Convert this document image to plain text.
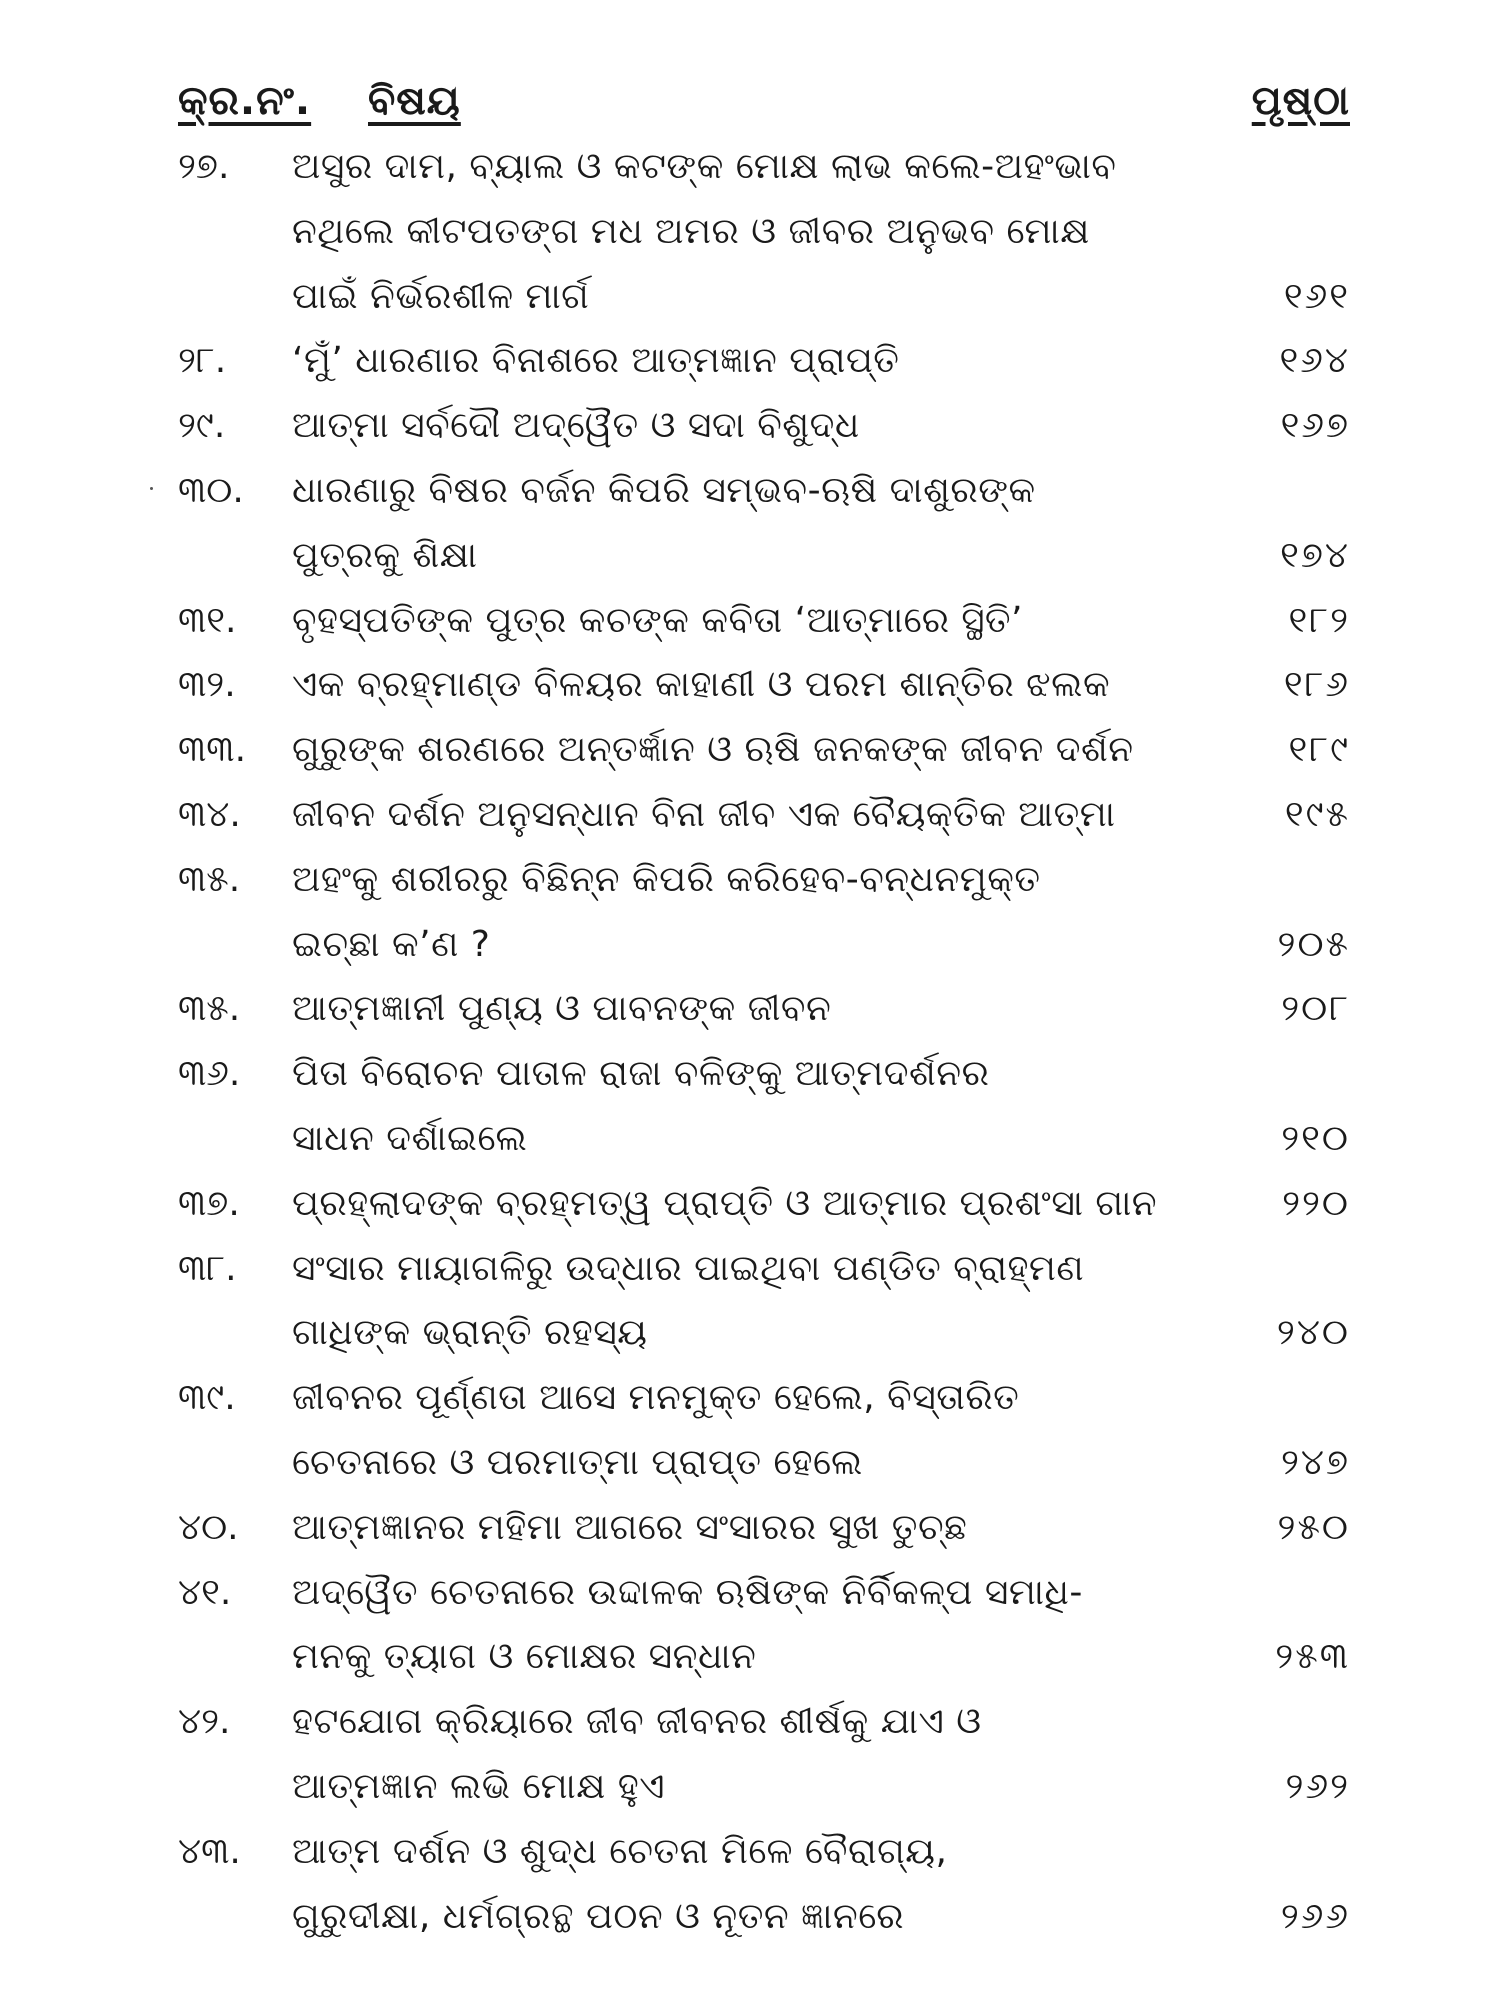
କ୍ର.ନଂ. ବିଷୟ	ପୃଷ୍ଠା
୨୭. ଅସୁର ଦାମ, ବ୍ୟାଲ ଓ କଟଙ୍କ ମୋକ୍ଷ ଲାଭ କଲେ-ଅହଂଭାବ
ନଥିଲେ କୀଟପତଙ୍ଗ ମଧ ଅମର ଓ ଜୀବର ଅନୁଭବ ମୋକ୍ଷ
ପାଇଁ ନିର୍ଭରଶୀଳ ମାର୍ଗ	୧୬୧
୨୮. ‘ମୁଁ’ ଧାରଣାର ବିନାଶରେ ଆତ୍ମଜ୍ଞାନ ପ୍ରାପ୍ତି	୧୬୪
୨୯. ଆତ୍ମା ସର୍ବଦୌ ଅଦ୍ୱୈତ ଓ ସଦା ବିଶୁଦ୍ଧ	୧୬୭
୩୦. ଧାରଣାରୁ ବିଷର ବର୍ଜନ କିପରି ସମ୍ଭବ-ଋଷି ଦାଶୁରଙ୍କ
ପୁତ୍ରକୁ ଶିକ୍ଷା	୧୭୪
୩୧. ବୃହସ୍ପତିଙ୍କ ପୁତ୍ର କଚଙ୍କ କବିତା ‘ଆତ୍ମାରେ ସ୍ଥିତି’	୧୮୨
୩୨. ଏକ ବ୍ରହ୍ମାଣ୍ଡ ବିଳୟର କାହାଣୀ ଓ ପରମ ଶାନ୍ତିର ଝଲକ	୧୮୬
୩୩. ଗୁରୁଙ୍କ ଶରଣରେ ଅନ୍ତର୍ଜ୍ଞାନ ଓ ଋଷି ଜନକଙ୍କ ଜୀବନ ଦର୍ଶନ	୧୮୯
୩୪. ଜୀବନ ଦର୍ଶନ ଅନୁସନ୍ଧାନ ବିନା ଜୀବ ଏକ ବୈୟକ୍ତିକ ଆତ୍ମା	୧୯୫
୩୫. ଅହଂକୁ ଶରୀରରୁ ବିଛିନ୍ନ କିପରି କରିହେବ-ବନ୍ଧନମୁକ୍ତ
ଇଚ୍ଛା କ’ଣ ?	୨୦୫
୩୫. ଆତ୍ମଜ୍ଞାନୀ ପୁଣ୍ୟ ଓ ପାବନଙ୍କ ଜୀବନ	୨୦୮
୩୬. ପିତା ବିରୋଚନ ପାତାଳ ରାଜା ବଳିଙ୍କୁ ଆତ୍ମଦର୍ଶନର
ସାଧନ ଦର୍ଶାଇଲେ	୨୧୦
୩୭. ପ୍ରହ୍ଲାଦଙ୍କ ବ୍ରହ୍ମତ୍ୱ ପ୍ରାପ୍ତି ଓ ଆତ୍ମାର ପ୍ରଶଂସା ଗାନ	୨୨୦
୩୮. ସଂସାର ମାୟାଗଳିରୁ ଉଦ୍ଧାର ପାଇଥିବା ପଣ୍ଡିତ ବ୍ରାହ୍ମଣ
ଗାଧିଙ୍କ ଭ୍ରାନ୍ତି ରହସ୍ୟ	୨୪୦
୩୯. ଜୀବନର ପୂର୍ଣ୍ଣତା ଆସେ ମନମୁକ୍ତ ହେଲେ, ବିସ୍ତାରିତ
ଚେତନାରେ ଓ ପରମାତ୍ମା ପ୍ରାପ୍ତ ହେଲେ	୨୪୭
୪୦. ଆତ୍ମଜ୍ଞାନର ମହିମା ଆଗରେ ସଂସାରର ସୁଖ ତୁଚ୍ଛ	୨୫୦
୪୧. ଅଦ୍ୱୈତ ଚେତନାରେ ଉଦ୍ଦାଳକ ଋଷିଙ୍କ ନିର୍ବିକଳ୍ପ ସମାଧି-
ମନକୁ ତ୍ୟାଗ ଓ ମୋକ୍ଷର ସନ୍ଧାନ	୨୫୩
୪୨. ହଟଯୋଗ କ୍ରିୟାରେ ଜୀବ ଜୀବନର ଶୀର୍ଷକୁ ଯାଏ ଓ
ଆତ୍ମଜ୍ଞାନ ଲଭି ମୋକ୍ଷ ହୁଏ	୨୬୨
୪୩. ଆତ୍ମ ଦର୍ଶନ ଓ ଶୁଦ୍ଧ ଚେତନା ମିଳେ ବୈରାଗ୍ୟ,
ଗୁରୁଦୀକ୍ଷା, ଧର୍ମଗ୍ରନ୍ଥ ପଠନ ଓ ନୂତନ ଜ୍ଞାନରେ	୨୬୬
